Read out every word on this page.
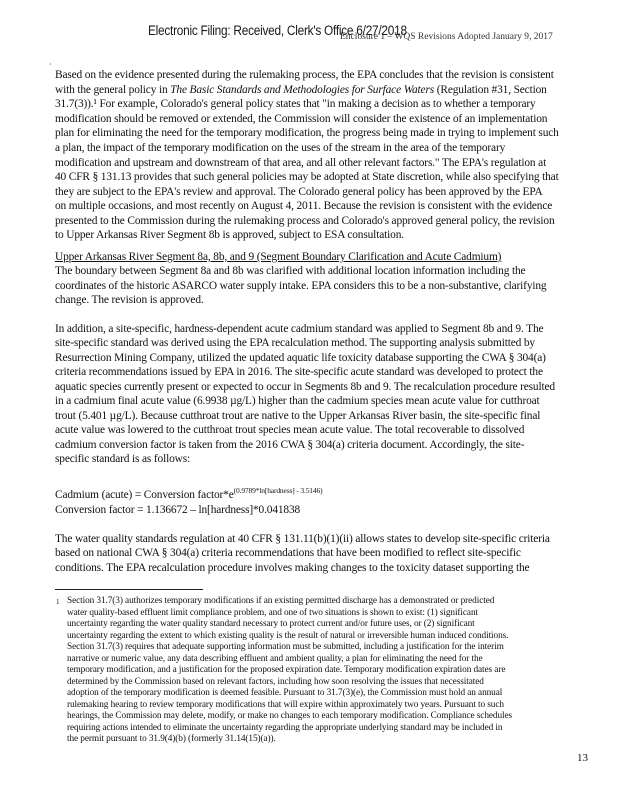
Electronic Filing: Received, Clerk's Office 6/27/2018
Enclosure 1 – WQS Revisions Adopted January 9, 2017
·
Based on the evidence presented during the rulemaking process, the EPA concludes that the revision is consistent
with the general policy in The Basic Standards and Methodologies for Surface Waters (Regulation #31, Section
31.7(3)).¹ For example, Colorado's general policy states that "in making a decision as to whether a temporary
modification should be removed or extended, the Commission will consider the existence of an implementation
plan for eliminating the need for the temporary modification, the progress being made in trying to implement such
a plan, the impact of the temporary modification on the uses of the stream in the area of the temporary
modification and upstream and downstream of that area, and all other relevant factors." The EPA's regulation at
40 CFR § 131.13 provides that such general policies may be adopted at State discretion, while also specifying that
they are subject to the EPA's review and approval. The Colorado general policy has been approved by the EPA
on multiple occasions, and most recently on August 4, 2011. Because the revision is consistent with the evidence
presented to the Commission during the rulemaking process and Colorado's approved general policy, the revision
to Upper Arkansas River Segment 8b is approved, subject to ESA consultation.
Upper Arkansas River Segment 8a, 8b, and 9 (Segment Boundary Clarification and Acute Cadmium)
The boundary between Segment 8a and 8b was clarified with additional location information including the
coordinates of the historic ASARCO water supply intake. EPA considers this to be a non-substantive, clarifying
change. The revision is approved.
In addition, a site-specific, hardness-dependent acute cadmium standard was applied to Segment 8b and 9. The
site-specific standard was derived using the EPA recalculation method. The supporting analysis submitted by
Resurrection Mining Company, utilized the updated aquatic life toxicity database supporting the CWA § 304(a)
criteria recommendations issued by EPA in 2016. The site-specific acute standard was developed to protect the
aquatic species currently present or expected to occur in Segments 8b and 9. The recalculation procedure resulted
in a cadmium final acute value (6.9938 µg/L) higher than the cadmium species mean acute value for cutthroat
trout (5.401 µg/L). Because cutthroat trout are native to the Upper Arkansas River basin, the site-specific final
acute value was lowered to the cutthroat trout species mean acute value. The total recoverable to dissolved
cadmium conversion factor is taken from the 2016 CWA § 304(a) criteria document. Accordingly, the site-
specific standard is as follows:
Cadmium (acute) = Conversion $factor*e^{(0.9789*ln[hardness] - 3.5146)}$
Conversion factor = 1.136672 – ln[hardness]*0.041838
The water quality standards regulation at 40 CFR § 131.11(b)(1)(ii) allows states to develop site-specific criteria
based on national CWA § 304(a) criteria recommendations that have been modified to reflect site-specific
conditions. The EPA recalculation procedure involves making changes to the toxicity dataset supporting the
1 Section 31.7(3) authorizes temporary modifications if an existing permitted discharge has a demonstrated or predicted
water quality-based effluent limit compliance problem, and one of two situations is shown to exist: (1) significant
uncertainty regarding the water quality standard necessary to protect current and/or future uses, or (2) significant
uncertainty regarding the extent to which existing quality is the result of natural or irreversible human induced conditions.
Section 31.7(3) requires that adequate supporting information must be submitted, including a justification for the interim
narrative or numeric value, any data describing effluent and ambient quality, a plan for eliminating the need for the
temporary modification, and a justification for the proposed expiration date. Temporary modification expiration dates are
determined by the Commission based on relevant factors, including how soon resolving the issues that necessitated
adoption of the temporary modification is deemed feasible. Pursuant to 31.7(3)(e), the Commission must hold an annual
rulemaking hearing to review temporary modifications that will expire within approximately two years. Pursuant to such
hearings, the Commission may delete, modify, or make no changes to each temporary modification. Compliance schedules
requiring actions intended to eliminate the uncertainty regarding the appropriate underlying standard may be included in
the permit pursuant to 31.9(4)(b) (formerly 31.14(15)(a)).
13
